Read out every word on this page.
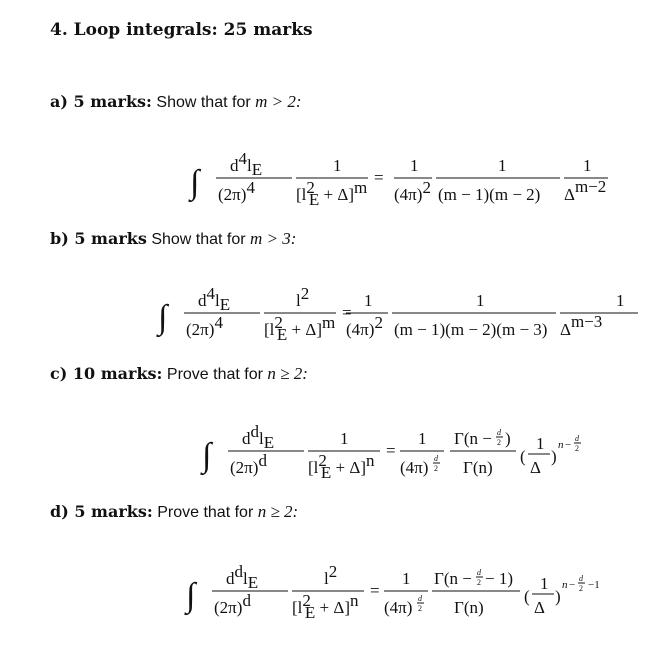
4. Loop integrals: 25 marks
a) 5 marks: Show that for m > 2:
∫ d4lE
(2π)4
1
[l2 E + Δ]m
=
1
(4π)2
1
(m − 1)(m − 2)
1
Δm−2
b) 5 marks Show that for m > 3:
∫ d4lE
(2π)4
l2
[l2 E + Δ]m
=
1
(4π)2
1
(m − 1)(m − 2)(m − 3)
1
Δm−3
c) 10 marks: Prove that for n ≥ 2:
∫ ddlE
(2π)d
1
[l2 E + Δ]n
=
1
(4π) d
2
Γ(n − d
2 )
Γ(n)
(
1
Δ
)
n −
d
2
d) 5 marks: Prove that for n ≥ 2:
∫ ddlE
(2π)d
l2
[l2 E + Δ]n
=
1
(4π) d
2
Γ(n − d
2 − 1)
Γ(n)
(
1
Δ
)
n −
d
2 −1
